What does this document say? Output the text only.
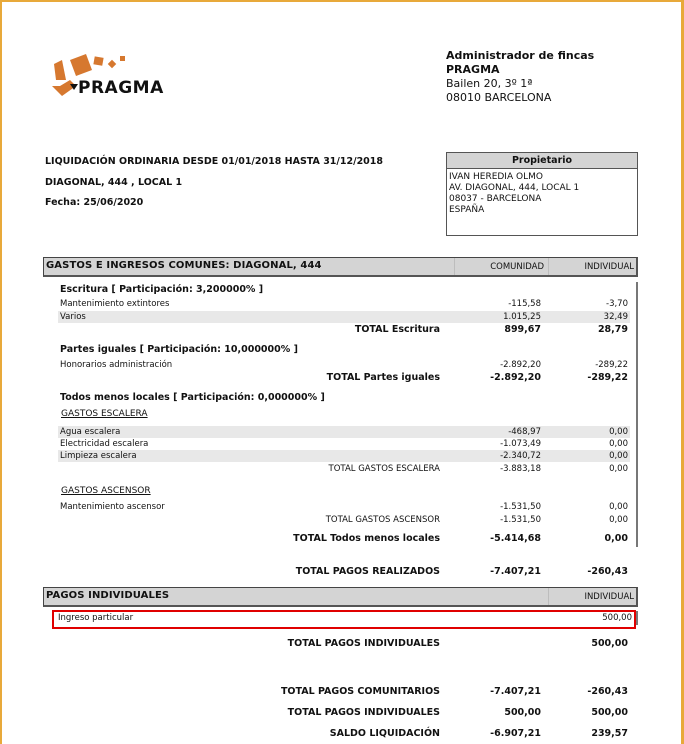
PRAGMA
Administrador de fincas
PRAGMA
Bailen 20, 3º 1ª
08010 BARCELONA
LIQUIDACIÓN ORDINARIA DESDE 01/01/2018 HASTA 31/12/2018
DIAGONAL, 444 , LOCAL 1
Fecha: 25/06/2020
Propietario
IVAN HEREDIA OLMO
AV. DIAGONAL, 444, LOCAL 1
08037 - BARCELONA
ESPAÑA
GASTOS E INGRESOS COMUNES: DIAGONAL, 444	COMUNIDAD	INDIVIDUAL
Escritura [ Participación: 3,200000% ]
Mantenimiento extintores	-115,58	-3,70
Varios	1.015,25	32,49
TOTAL Escritura	899,67	28,79
Partes iguales [ Participación: 10,000000% ]
Honorarios administración	-2.892,20	-289,22
TOTAL Partes iguales	-2.892,20	-289,22
Todos menos locales [ Participación: 0,000000% ]
GASTOS ESCALERA
Agua escalera	-468,97	0,00
Electricidad escalera	-1.073,49	0,00
Limpieza escalera	-2.340,72	0,00
TOTAL GASTOS ESCALERA	-3.883,18	0,00
GASTOS ASCENSOR
Mantenimiento ascensor	-1.531,50	0,00
TOTAL GASTOS ASCENSOR	-1.531,50	0,00
TOTAL Todos menos locales	-5.414,68	0,00
TOTAL PAGOS REALIZADOS	-7.407,21	-260,43
PAGOS INDIVIDUALES	INDIVIDUAL
Ingreso particular	500,00
TOTAL PAGOS INDIVIDUALES	500,00
TOTAL PAGOS COMUNITARIOS	-7.407,21	-260,43
TOTAL PAGOS INDIVIDUALES	500,00	500,00
SALDO LIQUIDACIÓN	-6.907,21	239,57
